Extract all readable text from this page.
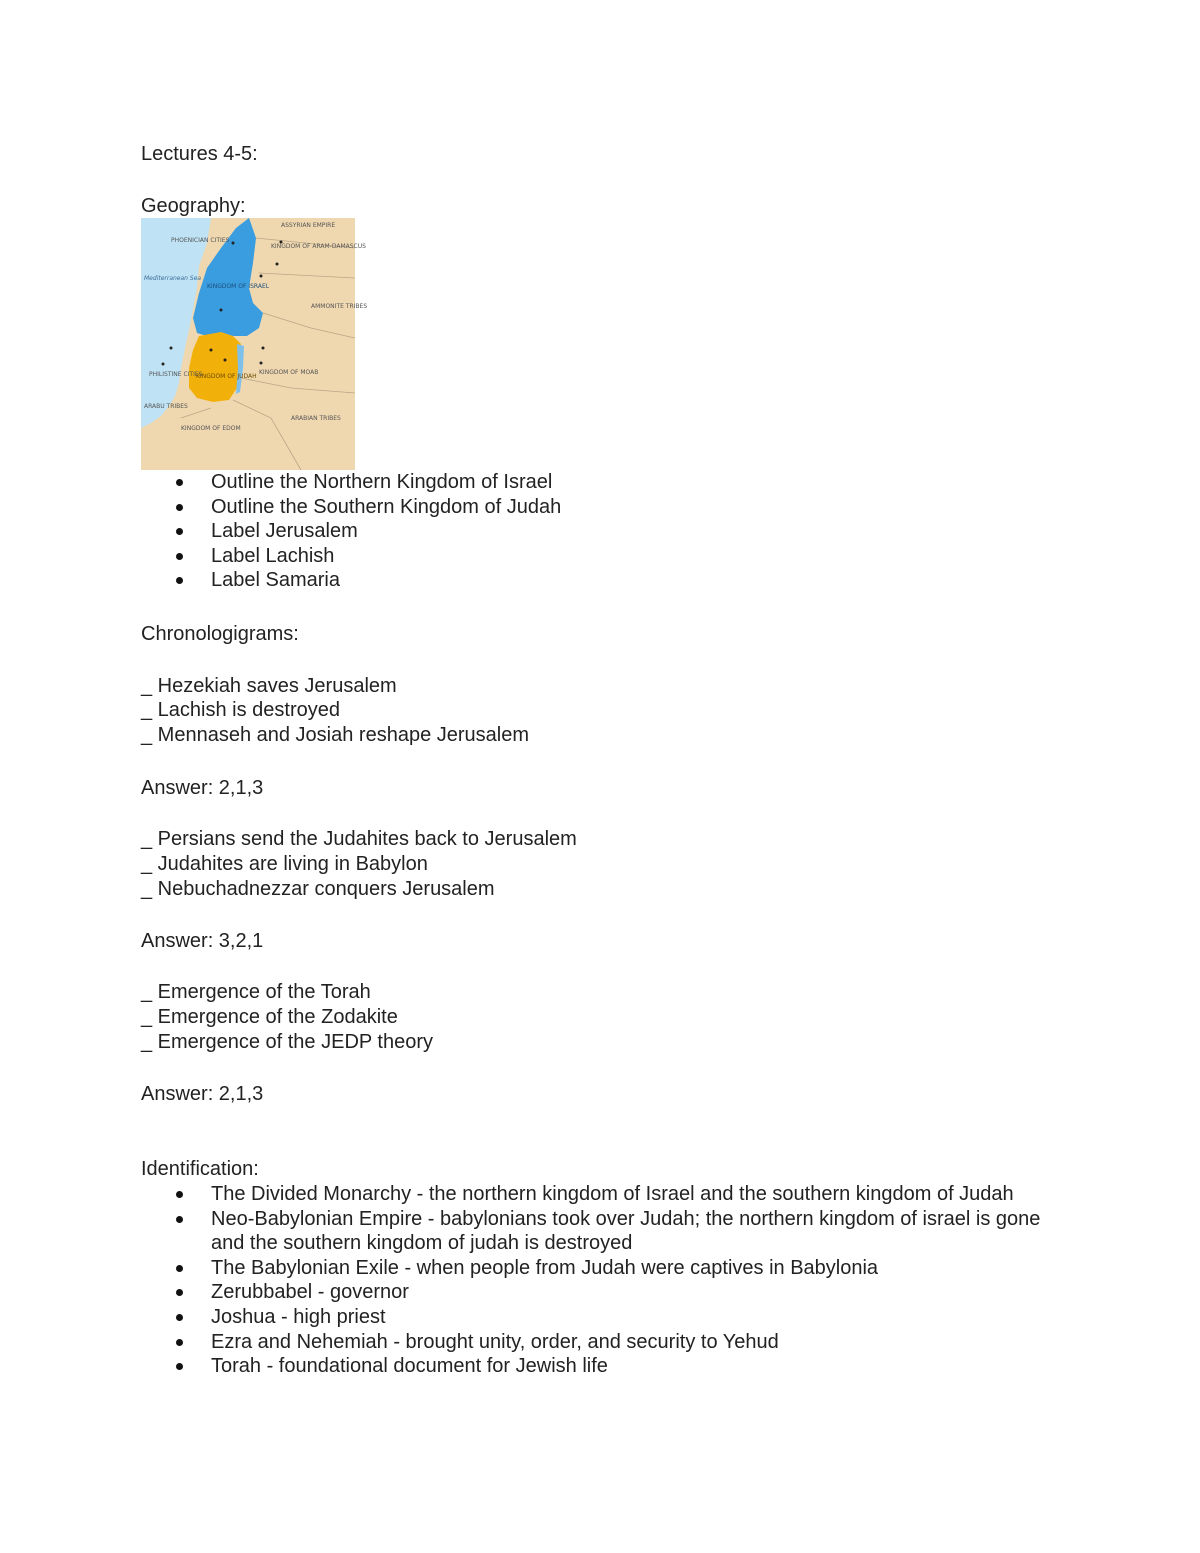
Lectures 4-5:
Geography:
ASSYRIAN EMPIRE
PHOENICIAN CITIES
KINGDOM OF ARAM-DAMASCUS
Mediterranean Sea
KINGDOM OF ISRAEL
AMMONITE TRIBES
KINGDOM OF JUDAH
KINGDOM OF MOAB
PHILISTINE CITIES
ARABIAN TRIBES
ARABU TRIBES
KINGDOM OF EDOM
Outline the Northern Kingdom of Israel
Outline the Southern Kingdom of Judah
Label Jerusalem
Label Lachish
Label Samaria
Chronologigrams:
_ Hezekiah saves Jerusalem
_ Lachish is destroyed
_ Mennaseh and Josiah reshape Jerusalem
Answer: 2,1,3
_ Persians send the Judahites back to Jerusalem
_ Judahites are living in Babylon
_ Nebuchadnezzar conquers Jerusalem
Answer: 3,2,1
_ Emergence of the Torah
_ Emergence of the Zodakite
_ Emergence of the JEDP theory
Answer: 2,1,3
Identification:
The Divided Monarchy - the northern kingdom of Israel and the southern kingdom of Judah
Neo-Babylonian Empire - babylonians took over Judah; the northern kingdom of israel is gone and the southern kingdom of judah is destroyed
The Babylonian Exile - when people from Judah were captives in Babylonia
Zerubbabel - governor
Joshua - high priest
Ezra and Nehemiah - brought unity, order, and security to Yehud
Torah - foundational document for Jewish life
